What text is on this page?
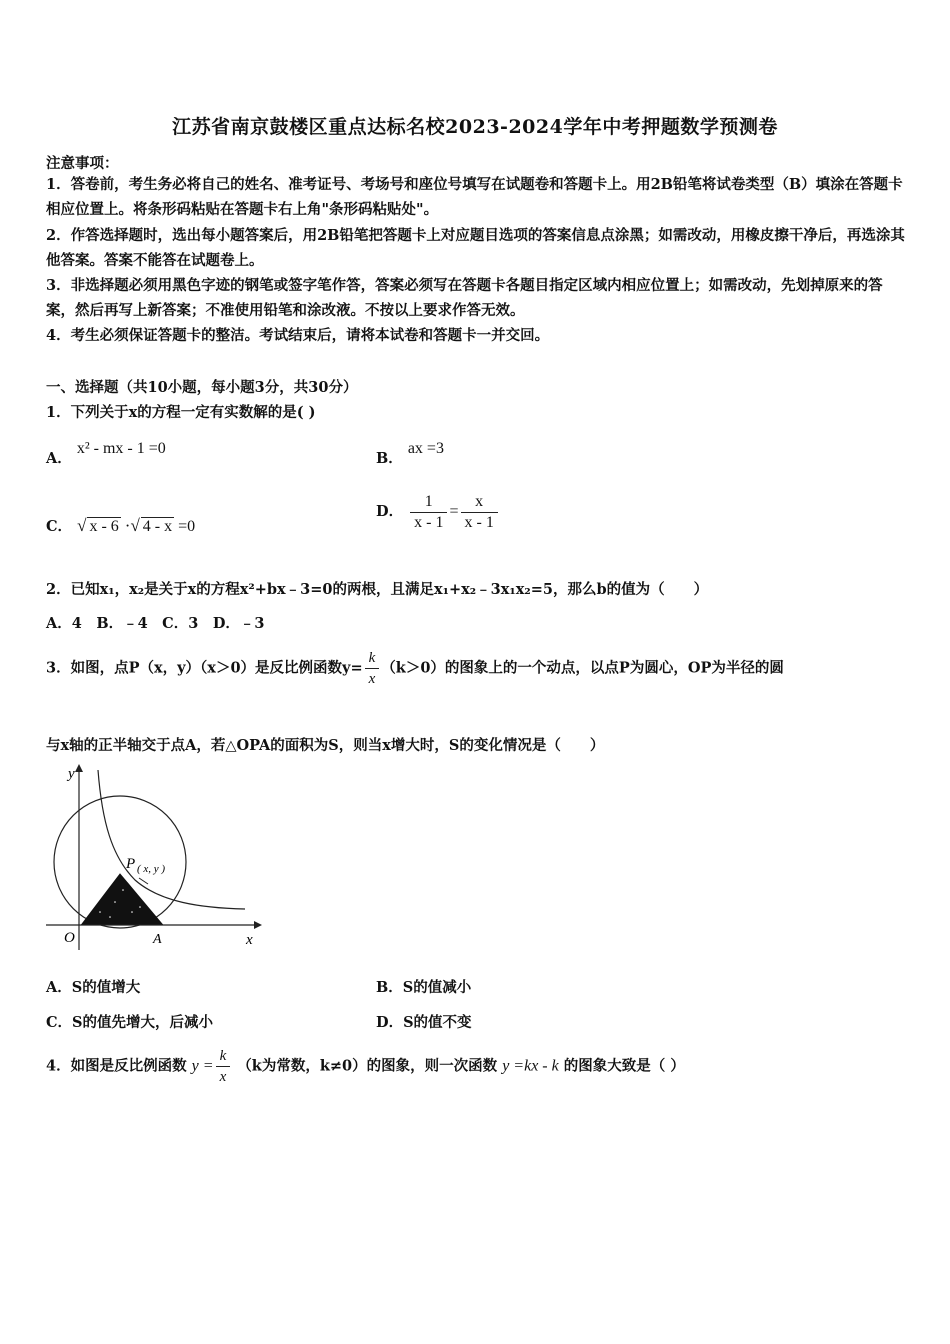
江苏省南京鼓楼区重点达标名校2023-2024学年中考押题数学预测卷
注意事项：
1．答卷前，考生务必将自己的姓名、准考证号、考场号和座位号填写在试题卷和答题卡上。用2B铅笔将试卷类型（B）填涂在答题卡相应位置上。将条形码粘贴在答题卡右上角"条形码粘贴处"。
2．作答选择题时，选出每小题答案后，用2B铅笔把答题卡上对应题目选项的答案信息点涂黑；如需改动，用橡皮擦干净后，再选涂其他答案。答案不能答在试题卷上。
3．非选择题必须用黑色字迹的钢笔或签字笔作答，答案必须写在答题卡各题目指定区域内相应位置上；如需改动，先划掉原来的答案，然后再写上新答案；不准使用铅笔和涂改液。不按以上要求作答无效。
4．考生必须保证答题卡的整洁。考试结束后，请将本试卷和答题卡一并交回。
一、选择题（共10小题，每小题3分，共30分）
1．下列关于x的方程一定有实数解的是( )
A． x² - mx - 1 =0
B． ax =3
C． √ x - 6 ·√ 4 - x =0
D． $\frac{1}{x - 1} = \frac{x}{x - 1}$
2．已知x₁，x₂是关于x的方程x²+bx﹣3=0的两根，且满足x₁+x₂﹣3x₁x₂=5，那么b的值为（　　）
A．4　B．﹣4　C．3　D．﹣3
3．如图，点P（x，y）（x＞0）是反比例函数$y= \frac{k}{x} (k>0)$的图象上的一个动点，以点P为圆心，OP为半径的圆
与x轴的正半轴交于点A，若△OPA的面积为S，则当x增大时，S的变化情况是（　　）
y
x
O	A
P ( x, y )
A．S的值增大	B．S的值减小
C．S的值先增大，后减小	D．S的值不变
4．如图是反比例函数 $y = \frac{k}{x} (k$为常数，k≠0）的图象，则一次函数 y =kx - k 的图象大致是（ ）
